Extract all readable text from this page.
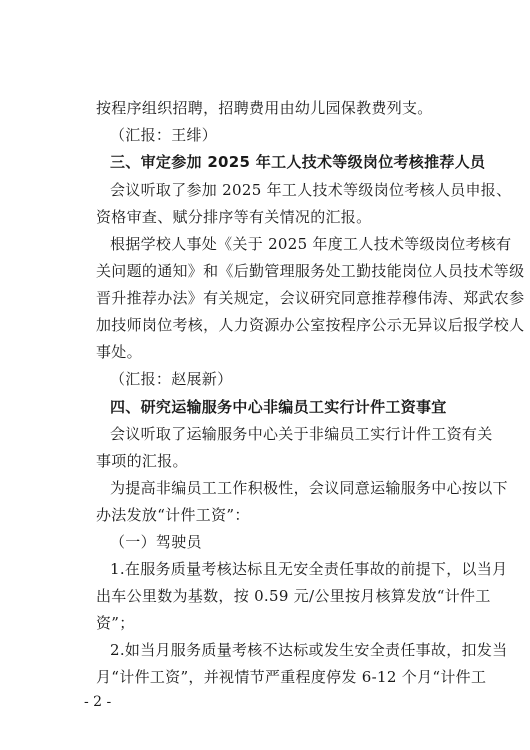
按程序组织招聘，招聘费用由幼儿园保教费列支。
（汇报：王绯）
三、审定参加 2025 年工人技术等级岗位考核推荐人员
会议听取了参加 2025 年工人技术等级岗位考核人员申报、
资格审查、赋分排序等有关情况的汇报。
根据学校人事处《关于 2025 年度工人技术等级岗位考核有
关问题的通知》和《后勤管理服务处工勤技能岗位人员技术等级
晋升推荐办法》有关规定，会议研究同意推荐穆伟涛、郑武农参
加技师岗位考核，人力资源办公室按程序公示无异议后报学校人
事处。
（汇报：赵展新）
四、研究运输服务中心非编员工实行计件工资事宜
会议听取了运输服务中心关于非编员工实行计件工资有关
事项的汇报。
为提高非编员工工作积极性，会议同意运输服务中心按以下
办法发放“计件工资”：
（一）驾驶员
1.在服务质量考核达标且无安全责任事故的前提下，以当月
出车公里数为基数，按 0.59 元/公里按月核算发放“计件工
资”；
2.如当月服务质量考核不达标或发生安全责任事故，扣发当
月“计件工资”，并视情节严重程度停发 6-12 个月“计件工
- 2 -
